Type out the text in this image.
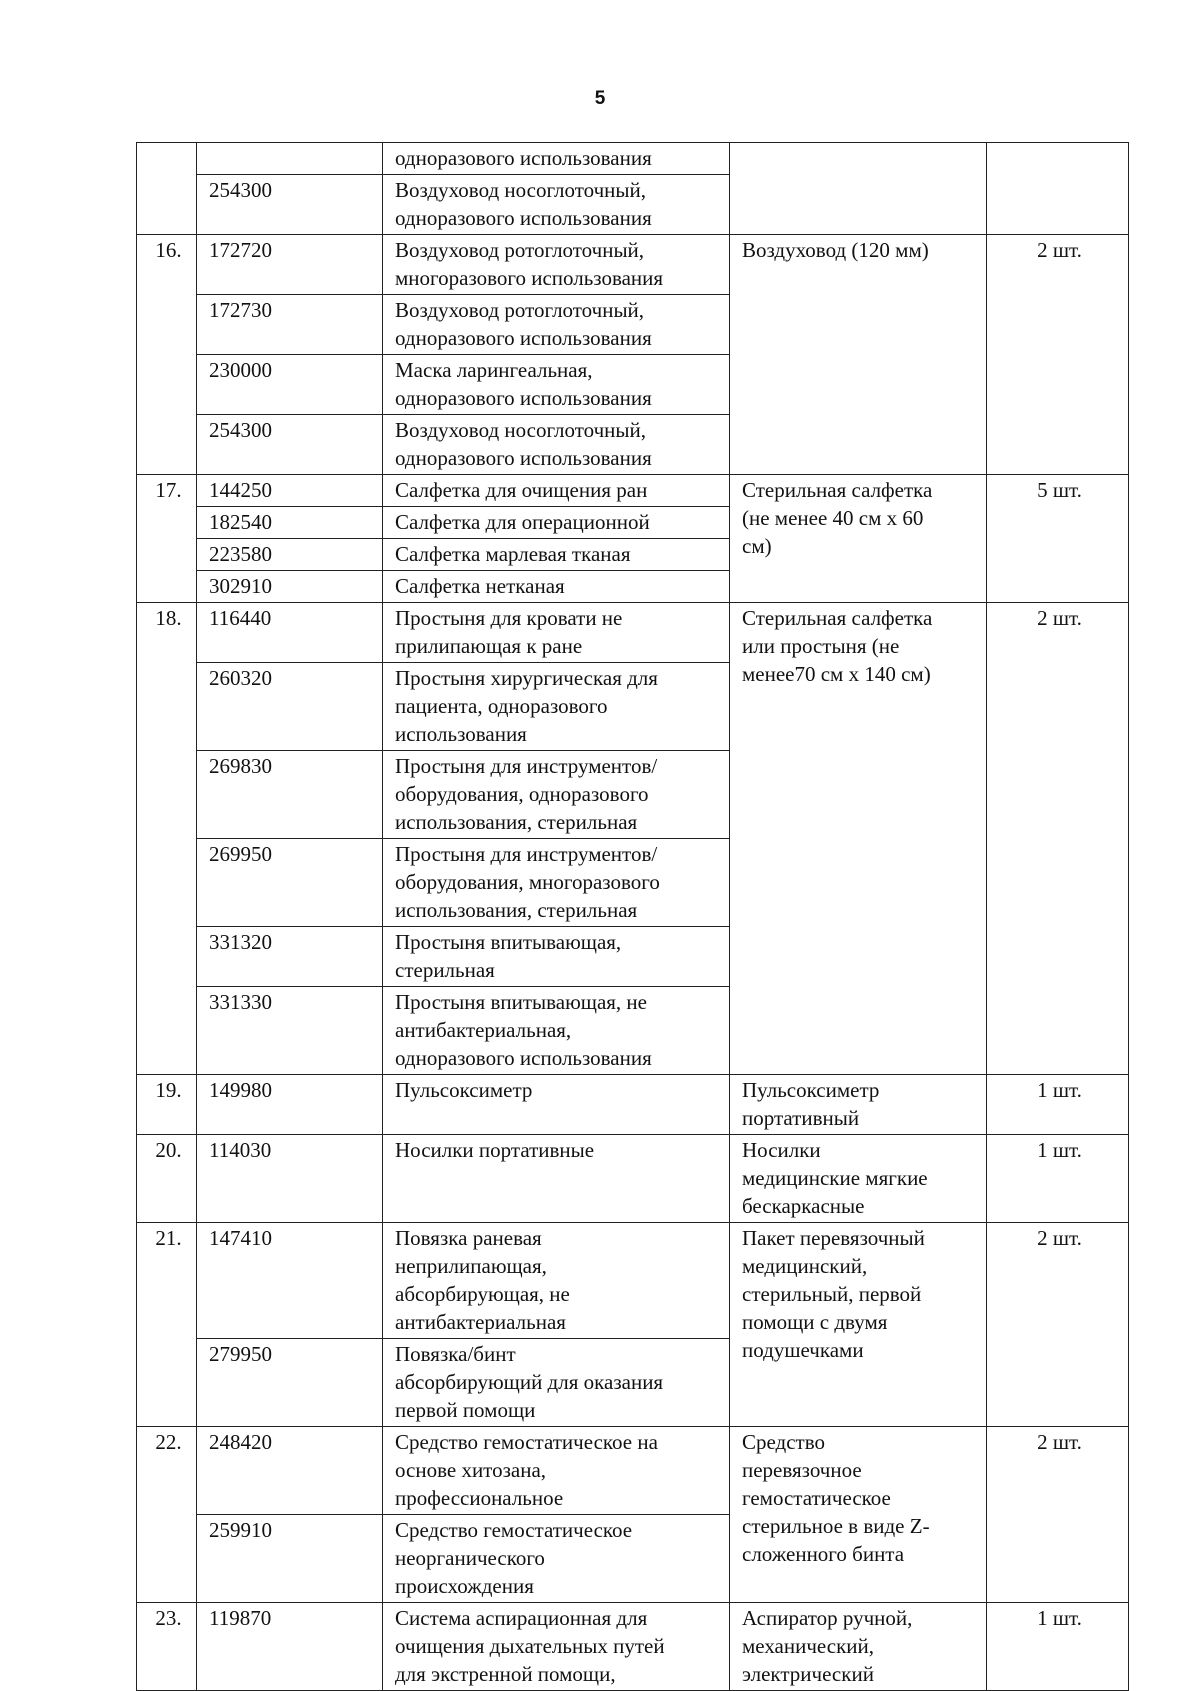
5
		одноразового использования		
	254300	Воздуховод носоглоточный,
одноразового использования		
16.	172720	Воздуховод ротоглоточный,
многоразового использования	Воздуховод (120 мм)	2 шт.
	172730	Воздуховод ротоглоточный,
одноразового использования		
	230000	Маска ларингеальная,
одноразового использования		
	254300	Воздуховод носоглоточный,
одноразового использования		
17.	144250	Салфетка для очищения ран	Стерильная салфетка
(не менее 40 см х 60
см)	5 шт.
	182540	Салфетка для операционной		
	223580	Салфетка марлевая тканая		
	302910	Салфетка нетканая		
18.	116440	Простыня для кровати не
прилипающая к ране	Стерильная салфетка
или простыня (не
менее70 см х 140 см)	2 шт.
	260320	Простыня хирургическая для
пациента, одноразового
использования		
	269830	Простыня для инструментов/
оборудования, одноразового
использования, стерильная		
	269950	Простыня для инструментов/
оборудования, многоразового
использования, стерильная		
	331320	Простыня впитывающая,
стерильная		
	331330	Простыня впитывающая, не
антибактериальная,
одноразового использования		
19.	149980	Пульсоксиметр	Пульсоксиметр
портативный	1 шт.
20.	114030	Носилки портативные	Носилки
медицинские мягкие
бескаркасные	1 шт.
21.	147410	Повязка раневая
неприлипающая,
абсорбирующая, не
антибактериальная	Пакет перевязочный
медицинский,
стерильный, первой
помощи с двумя
подушечками	2 шт.
	279950	Повязка/бинт
абсорбирующий для оказания
первой помощи		
22.	248420	Средство гемостатическое на
основе хитозана,
профессиональное	Средство
перевязочное
гемостатическое
стерильное в виде Z-
сложенного бинта	2 шт.
	259910	Средство гемостатическое
неорганического
происхождения		
23.	119870	Система аспирационная для
очищения дыхательных путей
для экстренной помощи,	Аспиратор ручной,
механический,
электрический	1 шт.
